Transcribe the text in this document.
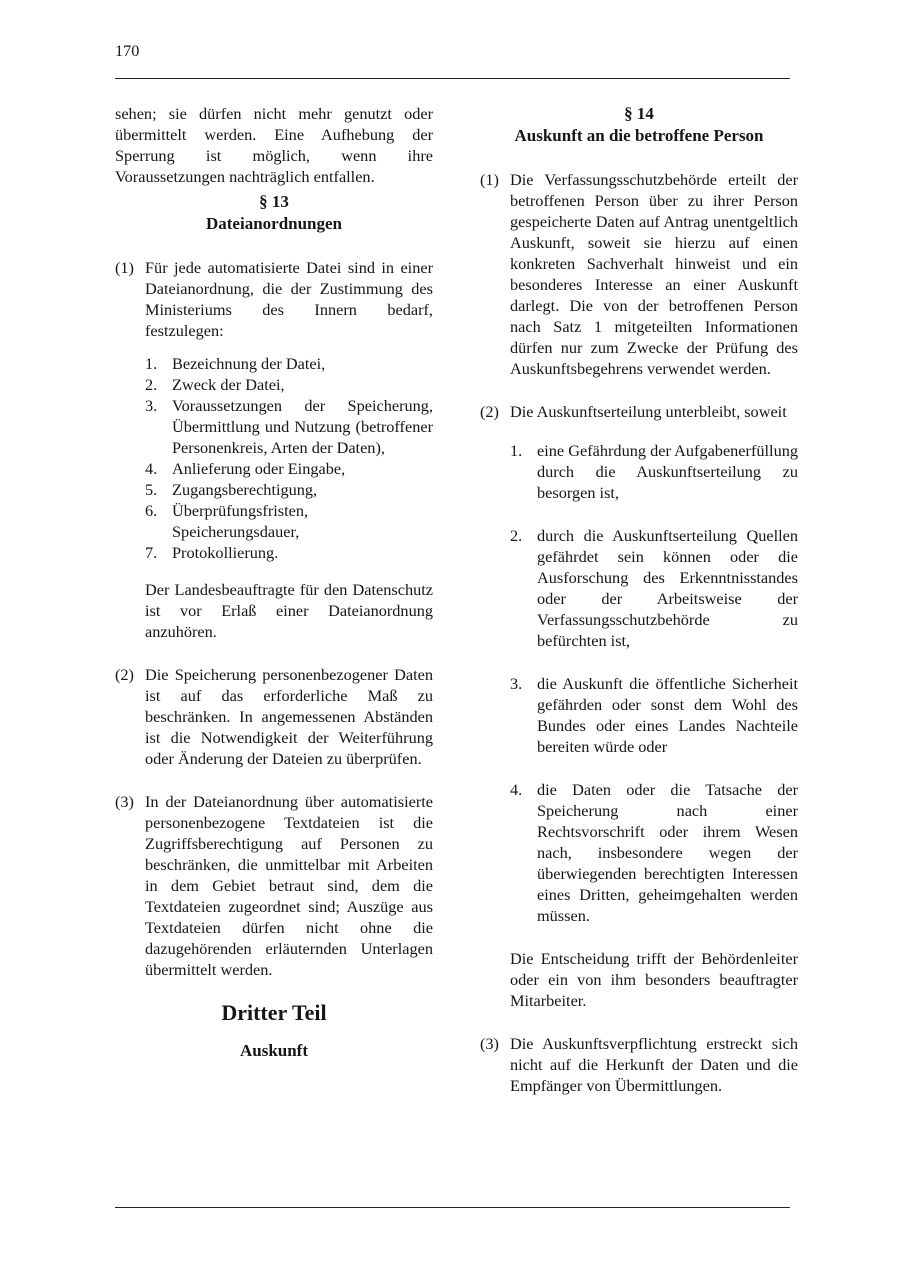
170
sehen; sie dürfen nicht mehr genutzt oder übermittelt werden. Eine Aufhebung der Sperrung ist möglich, wenn ihre Voraussetzungen nachträglich entfallen.
§ 13
Dateianordnungen
(1) Für jede automatisierte Datei sind in einer Dateianordnung, die der Zustimmung des Ministeriums des Innern bedarf, festzulegen:
1. Bezeichnung der Datei,
2. Zweck der Datei,
3. Voraussetzungen der Speicherung, Übermittlung und Nutzung (betroffener Personenkreis, Arten der Daten),
4. Anlieferung oder Eingabe,
5. Zugangsberechtigung,
6. Überprüfungsfristen, Speicherungsdauer,
7. Protokollierung.
Der Landesbeauftragte für den Datenschutz ist vor Erlaß einer Dateianordnung anzuhören.
(2) Die Speicherung personenbezogener Daten ist auf das erforderliche Maß zu beschränken. In angemessenen Abständen ist die Notwendigkeit der Weiterführung oder Änderung der Dateien zu überprüfen.
(3) In der Dateianordnung über automatisierte personenbezogene Textdateien ist die Zugriffsberechtigung auf Personen zu beschränken, die unmittelbar mit Arbeiten in dem Gebiet betraut sind, dem die Textdateien zugeordnet sind; Auszüge aus Textdateien dürfen nicht ohne die dazugehörenden erläuternden Unterlagen übermittelt werden.
Dritter Teil
Auskunft
§ 14
Auskunft an die betroffene Person
(1) Die Verfassungsschutzbehörde erteilt der betroffenen Person über zu ihrer Person gespeicherte Daten auf Antrag unentgeltlich Auskunft, soweit sie hierzu auf einen konkreten Sachverhalt hinweist und ein besonderes Interesse an einer Auskunft darlegt. Die von der betroffenen Person nach Satz 1 mitgeteilten Informationen dürfen nur zum Zwecke der Prüfung des Auskunftsbegehrens verwendet werden.
(2) Die Auskunftserteilung unterbleibt, soweit
1. eine Gefährdung der Aufgabenerfüllung durch die Auskunftserteilung zu besorgen ist,
2. durch die Auskunftserteilung Quellen gefährdet sein können oder die Ausforschung des Erkenntnisstandes oder der Arbeitsweise der Verfassungsschutzbehörde zu befürchten ist,
3. die Auskunft die öffentliche Sicherheit gefährden oder sonst dem Wohl des Bundes oder eines Landes Nachteile bereiten würde oder
4. die Daten oder die Tatsache der Speicherung nach einer Rechtsvorschrift oder ihrem Wesen nach, insbesondere wegen der überwiegenden berechtigten Interessen eines Dritten, geheimgehalten werden müssen.
Die Entscheidung trifft der Behördenleiter oder ein von ihm besonders beauftragter Mitarbeiter.
(3) Die Auskunftsverpflichtung erstreckt sich nicht auf die Herkunft der Daten und die Empfänger von Übermittlungen.
